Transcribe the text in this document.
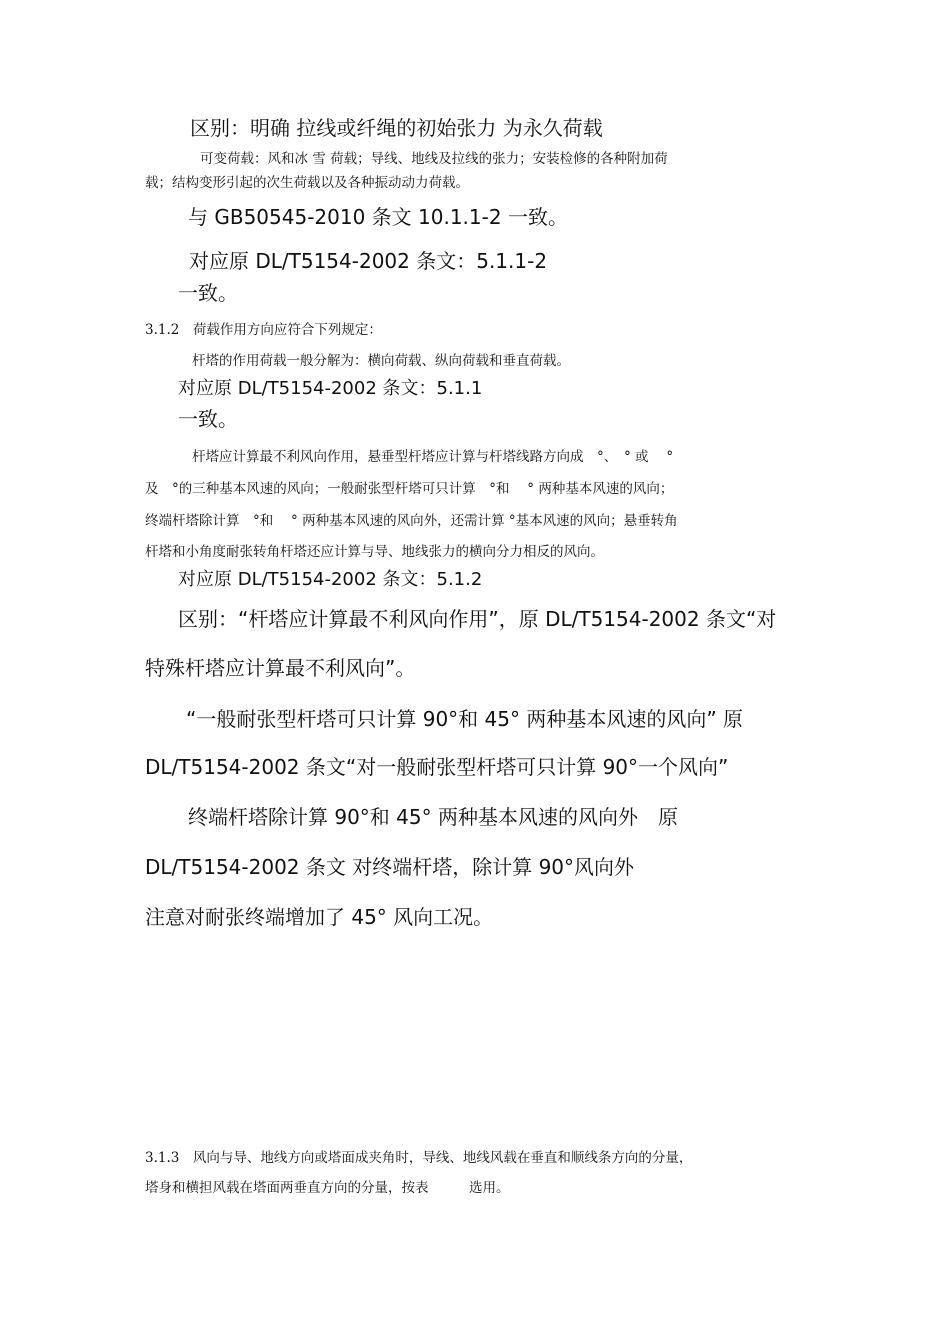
区别：明确 拉线或纤绳的初始张力 为永久荷载
可变荷载：风和冰 雪 荷载；导线、地线及拉线的张力；安装检修的各种附加荷
载；结构变形引起的次生荷载以及各种振动动力荷载。
与 GB50545-2010 条文 10.1.1-2 一致。
对应原 DL/T5154-2002 条文：5.1.1-2
一致。
3.1.2　荷载作用方向应符合下列规定：
杆塔的作用荷载一般分解为：横向荷载、纵向荷载和垂直荷载。
对应原 DL/T5154-2002 条文：5.1.1
一致。
杆塔应计算最不利风向作用，悬垂型杆塔应计算与杆塔线路方向成　°、　° 或　 °
及　°的三种基本风速的风向；一般耐张型杆塔可只计算　°和　 ° 两种基本风速的风向；
终端杆塔除计算　°和　 ° 两种基本风速的风向外，还需计算 °基本风速的风向；悬垂转角
杆塔和小角度耐张转角杆塔还应计算与导、地线张力的横向分力相反的风向。
对应原 DL/T5154-2002 条文：5.1.2
区别：“杆塔应计算最不利风向作用”，原 DL/T5154-2002 条文“对
特殊杆塔应计算最不利风向”。
“一般耐张型杆塔可只计算 90°和 45° 两种基本风速的风向” 原
DL/T5154-2002 条文“对一般耐张型杆塔可只计算 90°一个风向”
终端杆塔除计算 90°和 45° 两种基本风速的风向外　原
DL/T5154-2002 条文 对终端杆塔，除计算 90°风向外
注意对耐张终端增加了 45° 风向工况。
3.1.3　风向与导、地线方向或塔面成夹角时，导线、地线风载在垂直和顺线条方向的分量，
塔身和横担风载在塔面两垂直方向的分量，按表　　　选用。
